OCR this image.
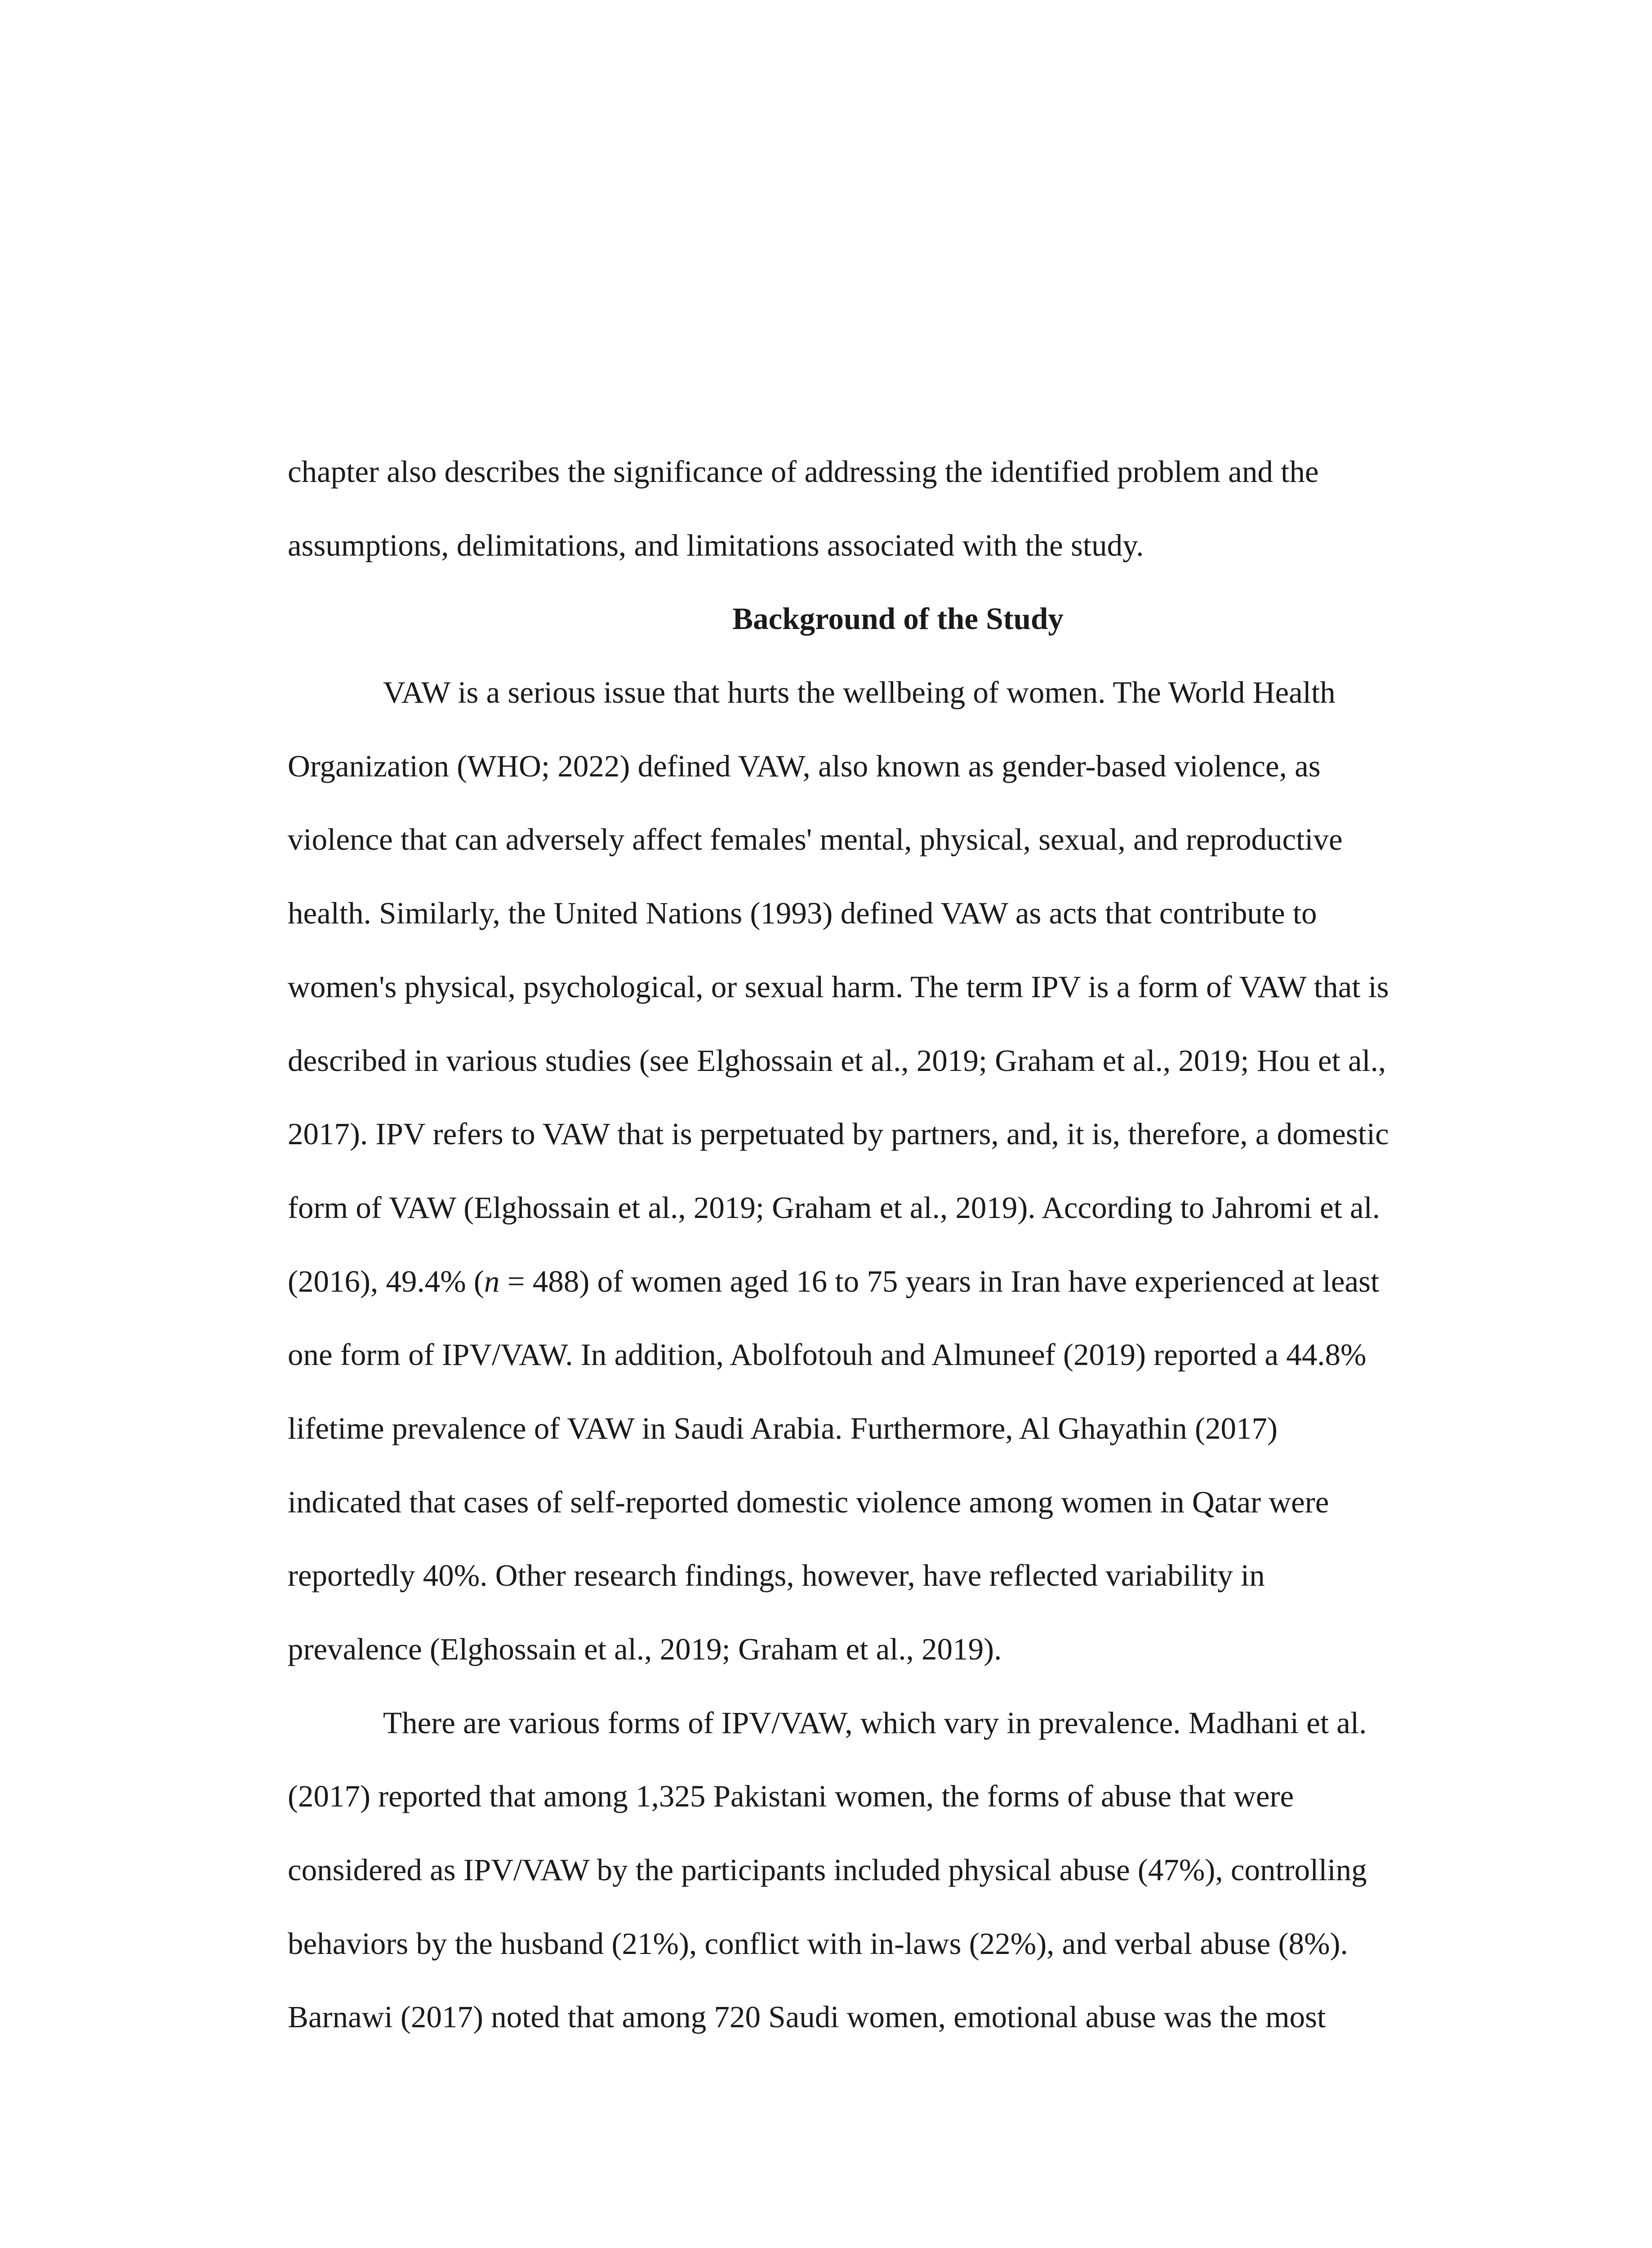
chapter also describes the significance of addressing the identified problem and the
assumptions, delimitations, and limitations associated with the study.
Background of the Study
VAW is a serious issue that hurts the wellbeing of women. The World Health
Organization (WHO; 2022) defined VAW, also known as gender-based violence, as
violence that can adversely affect females' mental, physical, sexual, and reproductive
health. Similarly, the United Nations (1993) defined VAW as acts that contribute to
women's physical, psychological, or sexual harm. The term IPV is a form of VAW that is
described in various studies (see Elghossain et al., 2019; Graham et al., 2019; Hou et al.,
2017). IPV refers to VAW that is perpetuated by partners, and, it is, therefore, a domestic
form of VAW (Elghossain et al., 2019; Graham et al., 2019). According to Jahromi et al.
(2016), 49.4% (n = 488) of women aged 16 to 75 years in Iran have experienced at least
one form of IPV/VAW. In addition, Abolfotouh and Almuneef (2019) reported a 44.8%
lifetime prevalence of VAW in Saudi Arabia. Furthermore, Al Ghayathin (2017)
indicated that cases of self-reported domestic violence among women in Qatar were
reportedly 40%. Other research findings, however, have reflected variability in
prevalence (Elghossain et al., 2019; Graham et al., 2019).
There are various forms of IPV/VAW, which vary in prevalence. Madhani et al.
(2017) reported that among 1,325 Pakistani women, the forms of abuse that were
considered as IPV/VAW by the participants included physical abuse (47%), controlling
behaviors by the husband (21%), conflict with in-laws (22%), and verbal abuse (8%).
Barnawi (2017) noted that among 720 Saudi women, emotional abuse was the most
